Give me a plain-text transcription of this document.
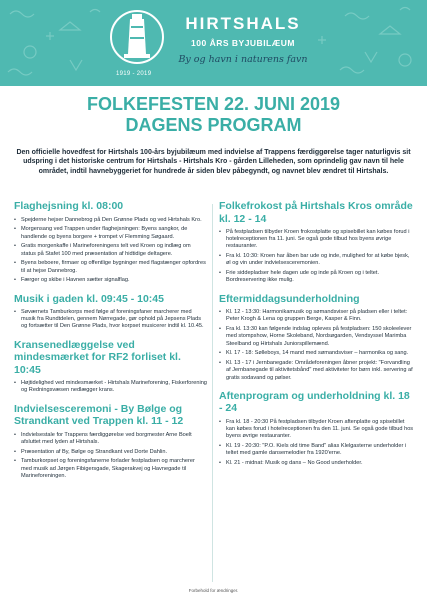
1919 - 2019
HIRTSHALS
100 ÅRS BYJUBILÆUM
By og havn i naturens favn
FOLKEFESTEN 22. JUNI 2019
DAGENS PROGRAM
Den officielle hovedfest for Hirtshals 100-års byjubilæum med indvielse af Trappens færdiggørelse tager naturligvis sit udspring i det historiske centrum for Hirtshals - Hirtshals Kro - gården Lilleheden, som oprindelig gav navn til hele området, indtil havnebyggeriet for hundrede år siden blev påbegyndt, og navnet blev ændret til Hirtshals.
Flaghejsning kl. 08:00
• Spejderne hejser Dannebrog på Den Grønne Plads og ved Hirtshals Kro.
• Morgensang ved Trappen under flaghejsningen: Byens sangkor, de handlende og byens borgere + trompet v/ Flemming Søgaard.
• Gratis morgenkaffe i Marineforeningens telt ved Kroen og indlæg om status på Stafet 100 med præsentation af hidtidige deltagere.
• Byens beboere, firmaer og offentlige bygninger med flagstænger opfordres til at hejse Dannebrog.
• Færger og skibe i Havnen sætter signalflag.
Musik i gaden kl. 09:45 - 10:45
• Søværnets Tamburkorps med følge af foreningsfaner marcherer med musik fra Rundtdelen, gennem Nørregade, gør ophold på Jepsens Plads og fortsætter til Den Grønne Plads, hvor korpset musicerer indtil kl. 10.45.
Kransenedlæggelse ved mindesmærket for RF2 forliset kl. 10:45
• Højtidelighed ved mindesmærket - Hirtshals Marineforening, Fiskerforening og Redningsvæsen nedlægger krans.
Indvielsesceremoni - By Bølge og Strandkant ved Trappen kl. 11 - 12
• Indvielsestale for Trappens færdiggørelse ved borgmester Arne Boelt afsluttet med lyden af Hirtshals.
• Præsentation af By, Bølge og Strandkant ved Dorte Dahlin.
• Tamburkorpset og foreningsfanerne forlader festpladsen og marcherer med musik ad Jørgen Fibigersgade, Skagerakvej og Havnegade til Marineforeningen.
Folkefrokost på Hirtshals Kros område kl. 12 - 14
• På festpladsen tilbyder Kroen frokostplatte og spisebillet kan købes forud i hotelreceptionen fra 11. juni. Se også gode tilbud hos byens øvrige restauranter.
• Fra kl. 10:30: Kroen har åben bar ude og inde, mulighed for at købe bjesk, øl og vin under indvielsesceremonien.
• Frie siddepladser hele dagen ude og inde på Kroen og i teltet. Bordreservering ikke mulig.
Eftermiddagsunderholdning
• Kl. 12 - 13:30: Harmonikamusik og sømandsviser på pladsen eller i teltet: Peter Krogh & Lena og gruppen Berge, Kasper & Finn.
• Fra kl. 13:30 kan følgende indslag opleves på festpladsen: 150 skoleelever med stompshow, Horne Skoleband, Nordsøgarden, Vendsyssel Marimba Steelband og Hirtshals Juniorspillemænd.
• Kl. 17 - 18: Sølleboys, 14 mand med sømandsviser – harmonika og sang.
• Kl. 13 - 17 i Jernbanegade: Områdeforeningen åbner projekt: "Forvandling af Jernbanegade til aktivitetsbånd" med aktiviteter for børn inkl. servering af gratis sodavand og pølser.
Aftenprogram og underholdning kl. 18 - 24
• Fra kl. 18 - 20:30 På festpladsen tilbyder Kroen aftenplatte og spisebillet kan købes forud i hotelreceptionen fra den 11. juni. Se også gode tilbud hos byens øvrige restauranter.
• Kl. 19 - 20:30: "P.O. Kiels old time Band" alias Klelgasterne underholder i teltet med gamle dansemelodier fra 1920'erne.
• Kl. 21 - midnat: Musik og dans – No Good underholder.
Forbehold for ændringer.
